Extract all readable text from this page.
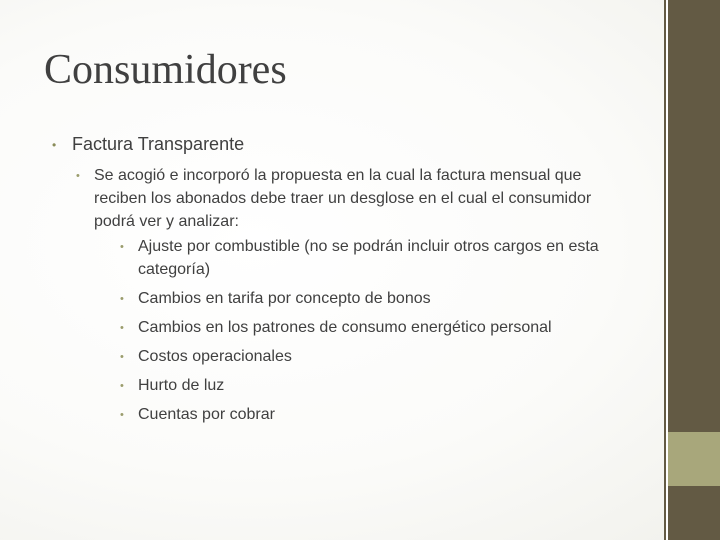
Consumidores
• Factura Transparente
• Se acogió e incorporó la propuesta en la cual la factura mensual que reciben los abonados debe traer un desglose en el cual el consumidor podrá ver y analizar:
• Ajuste por combustible (no se podrán incluir otros cargos en esta categoría)
• Cambios en tarifa por concepto de bonos
• Cambios en los patrones de consumo energético personal
• Costos operacionales
• Hurto de luz
• Cuentas por cobrar
